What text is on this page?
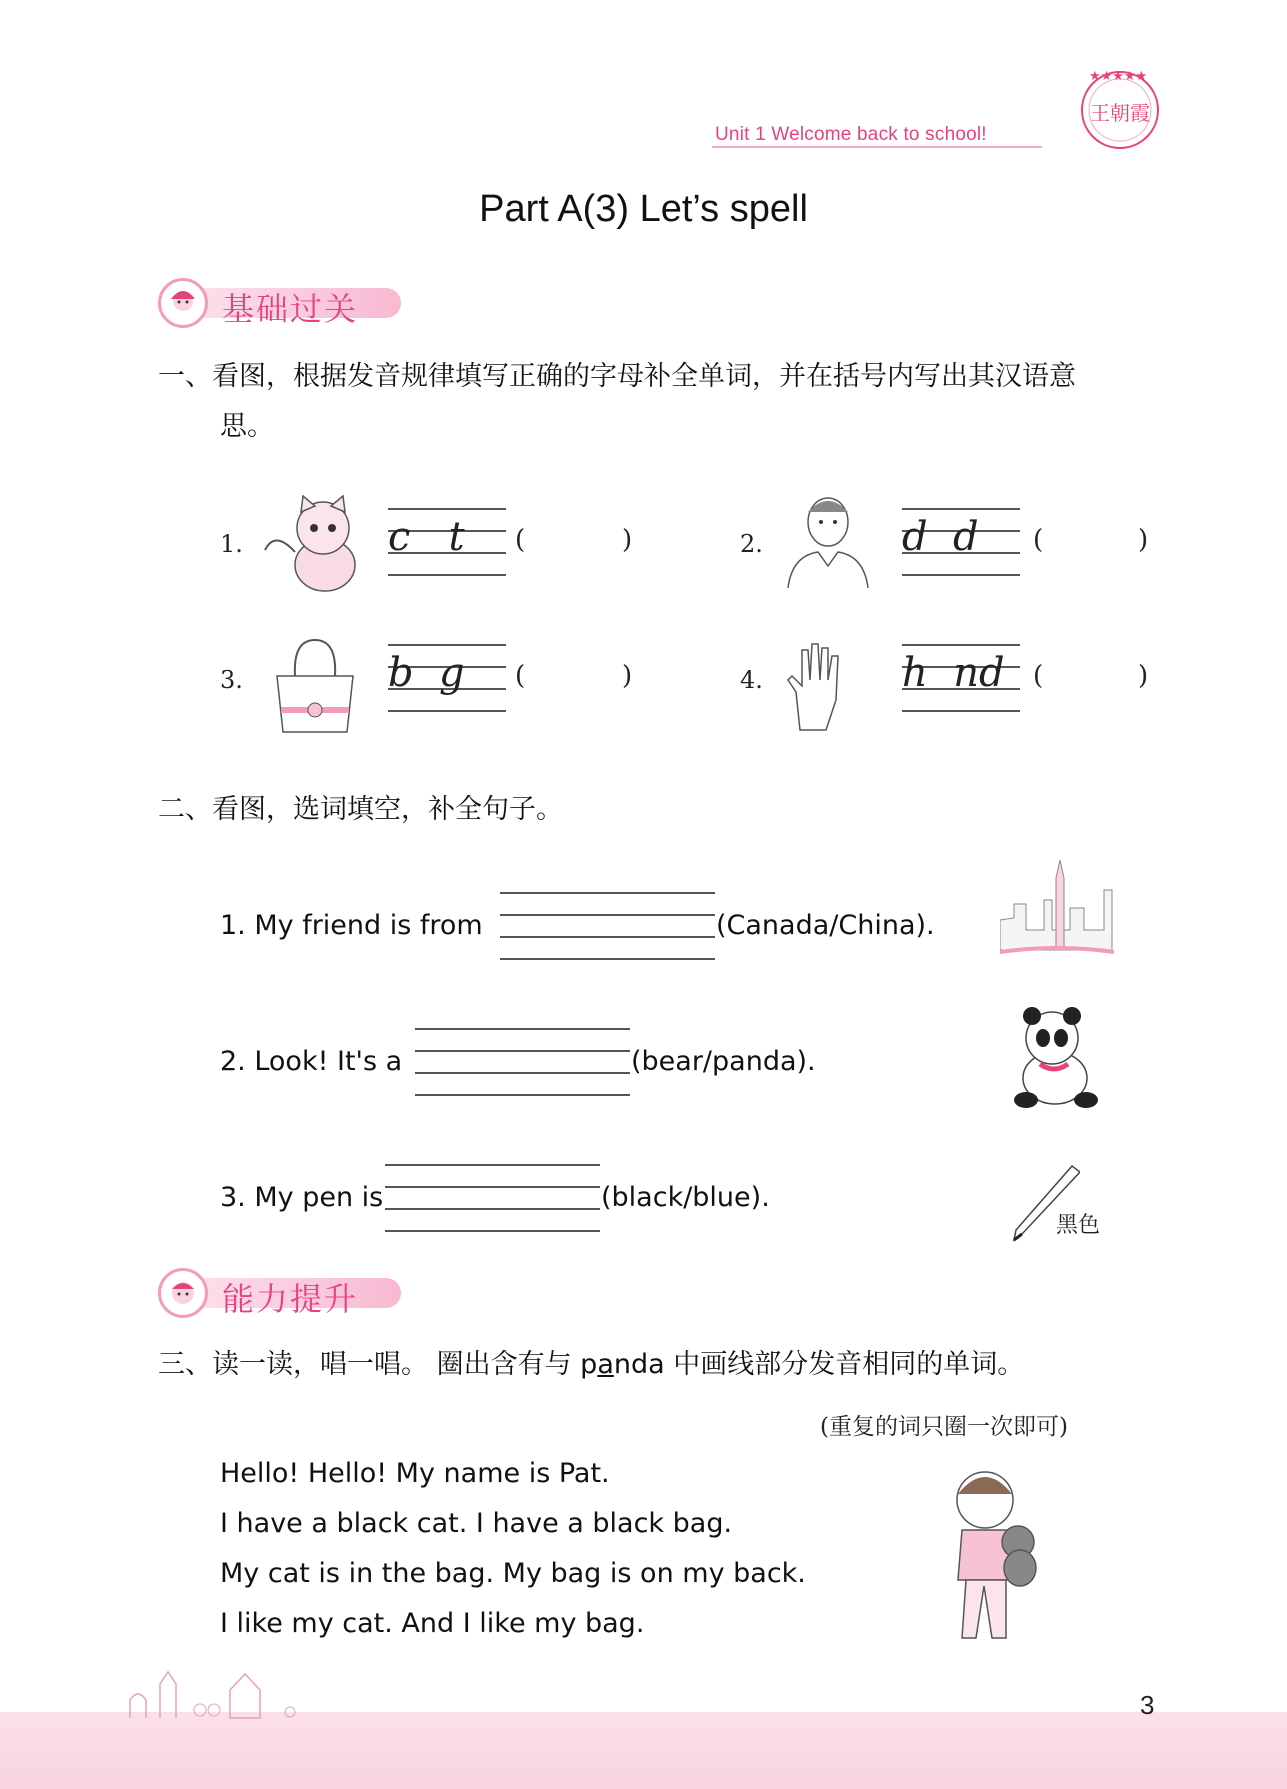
Unit 1 Welcome back to school!
★★★★★
王朝霞
Part A(3) Let’s spell
基础过关
一、看图，根据发音规律填写正确的字母补全单词，并在括号内写出其汉语意
思。
1.	c   t	(	)	2.	d  d	(	)
3.	b  g	(	)	4.	h  nd	(	)
二、看图，选词填空，补全句子。
1. My friend is from	(Canada/China).
2. Look! It's a	(bear/panda).
3. My pen is	(black/blue).
黑色
能力提升
三、读一读，唱一唱。 圈出含有与 panda 中画线部分发音相同的单词。
(重复的词只圈一次即可)
Hello! Hello! My name is Pat.
I have a black cat. I have a black bag.
My cat is in the bag. My bag is on my back.
I like my cat. And I like my bag.
3
